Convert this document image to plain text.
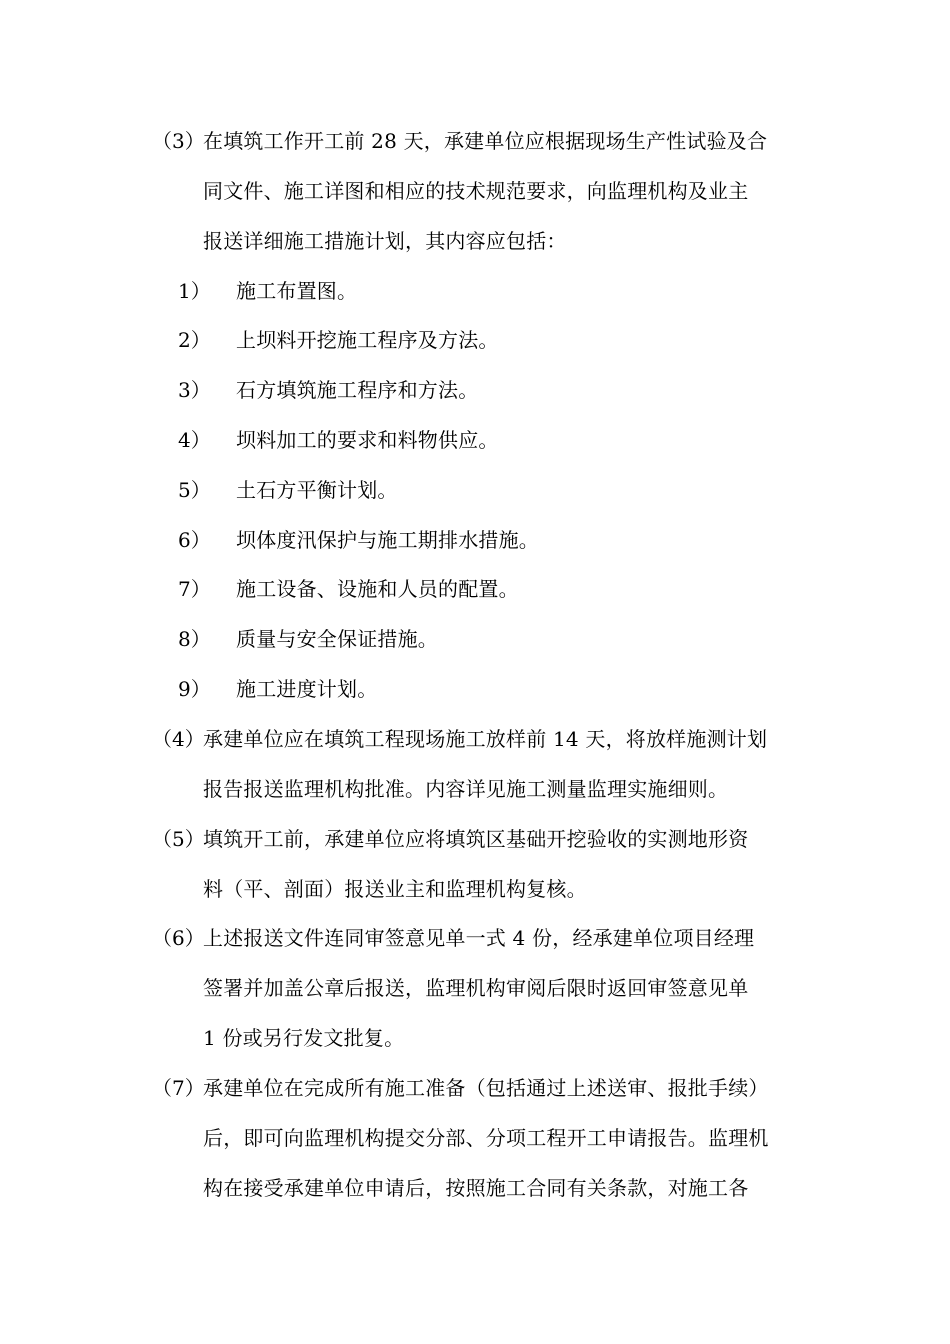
（3）
在填筑工作开工前 28 天，承建单位应根据现场生产性试验及合
同文件、施工详图和相应的技术规范要求，向监理机构及业主
报送详细施工措施计划，其内容应包括：
1） 施工布置图。
2） 上坝料开挖施工程序及方法。
3） 石方填筑施工程序和方法。
4） 坝料加工的要求和料物供应。
5） 土石方平衡计划。
6） 坝体度汛保护与施工期排水措施。
7） 施工设备、设施和人员的配置。
8） 质量与安全保证措施。
9） 施工进度计划。
（4）
承建单位应在填筑工程现场施工放样前 14 天，将放样施测计划
报告报送监理机构批准。内容详见施工测量监理实施细则。
（5）
填筑开工前，承建单位应将填筑区基础开挖验收的实测地形资
料（平、剖面）报送业主和监理机构复核。
（6）
上述报送文件连同审签意见单一式 4 份，经承建单位项目经理
签署并加盖公章后报送，监理机构审阅后限时返回审签意见单
1 份或另行发文批复。
（7）
承建单位在完成所有施工准备（包括通过上述送审、报批手续）
后，即可向监理机构提交分部、分项工程开工申请报告。监理机
构在接受承建单位申请后，按照施工合同有关条款，对施工各
